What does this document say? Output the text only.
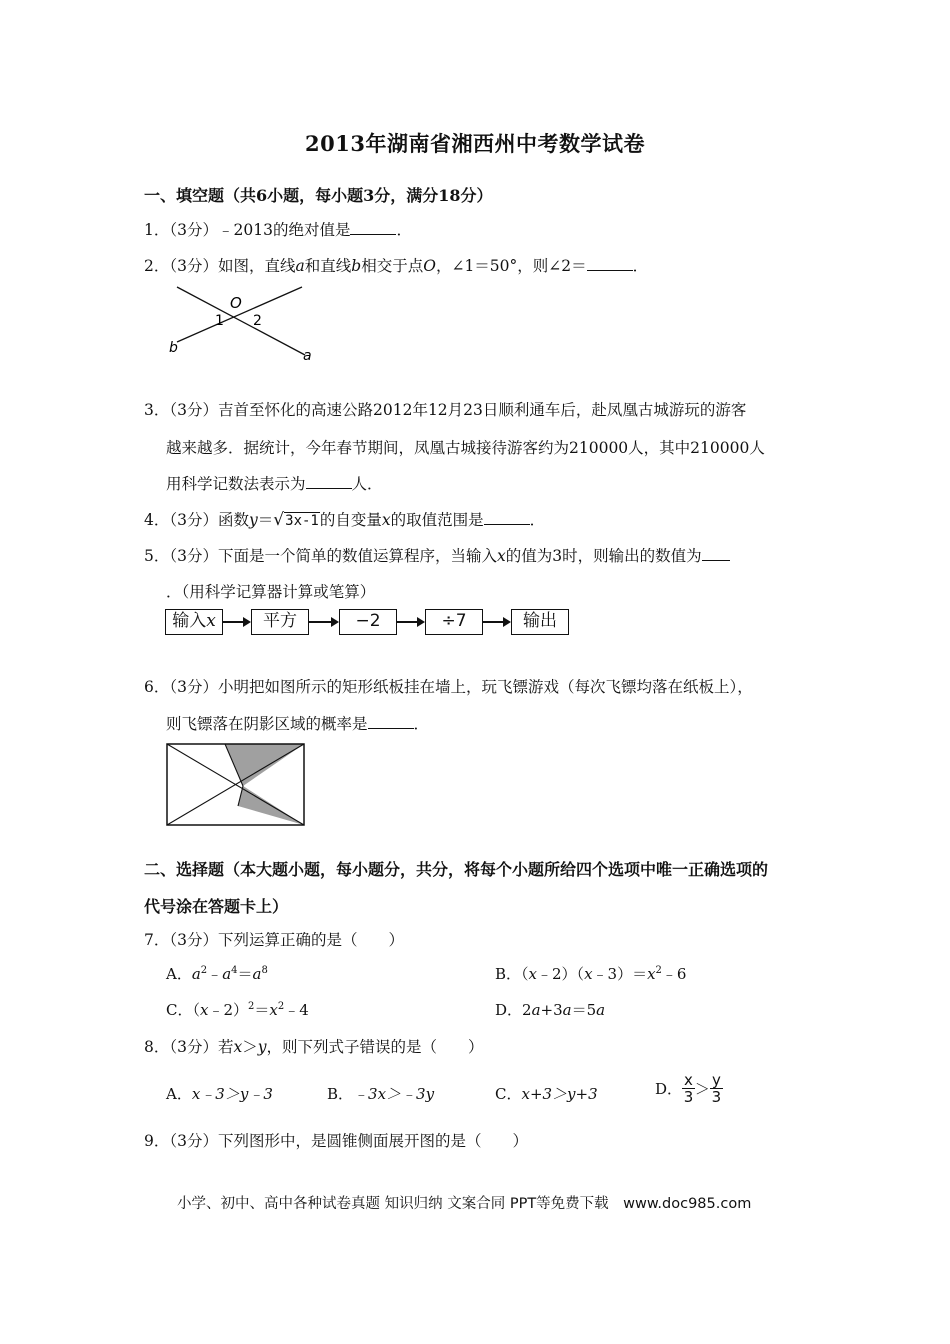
2013年湖南省湘西州中考数学试卷
一、填空题（共6小题，每小题3分，满分18分）
1．（3分）﹣2013的绝对值是	．
2．（3分）如图，直线a和直线b相交于点O，∠1＝50°，则∠2＝	．
O
1 2
a
b
3．（3分）吉首至怀化的高速公路2012年12月23日顺利通车后，赴凤凰古城游玩的游客
越来越多．据统计，今年春节期间，凤凰古城接待游客约为210000人，其中210000人
用科学记数法表示为	人．
4．（3分）函数y＝√3x-1的自变量x的取值范围是	．
5．（3分）下面是一个简单的数值运算程序，当输入x的值为3时，则输出的数值为
．（用科学记算器计算或笔算）
输入x	平方	−2	÷7	输出
6．（3分）小明把如图所示的矩形纸板挂在墙上，玩飞镖游戏（每次飞镖均落在纸板上），
则飞镖落在阴影区域的概率是	．
二、选择题（本大题小题，每小题分，共分，将每个小题所给四个选项中唯一正确选项的
代号涂在答题卡上）
7．（3分）下列运算正确的是（　　）
A．$a^2﹣a^4=a^8$	B．$(x﹣2)(x﹣3)=x^2﹣6$
C．$(x﹣2)^2=x^2﹣4$	D．2a+3a＝5a
8．（3分）若x＞y，则下列式子错误的是（　　）
A．x﹣3＞y﹣3	B．﹣3x＞﹣3y	C．x+3＞y+3	D． $\frac{x}{3} > \frac{y}{3}$
9．（3分）下列图形中，是圆锥侧面展开图的是（　　）
小学、初中、高中各种试卷真题 知识归纳 文案合同 PPT等免费下载　www.doc985.com
